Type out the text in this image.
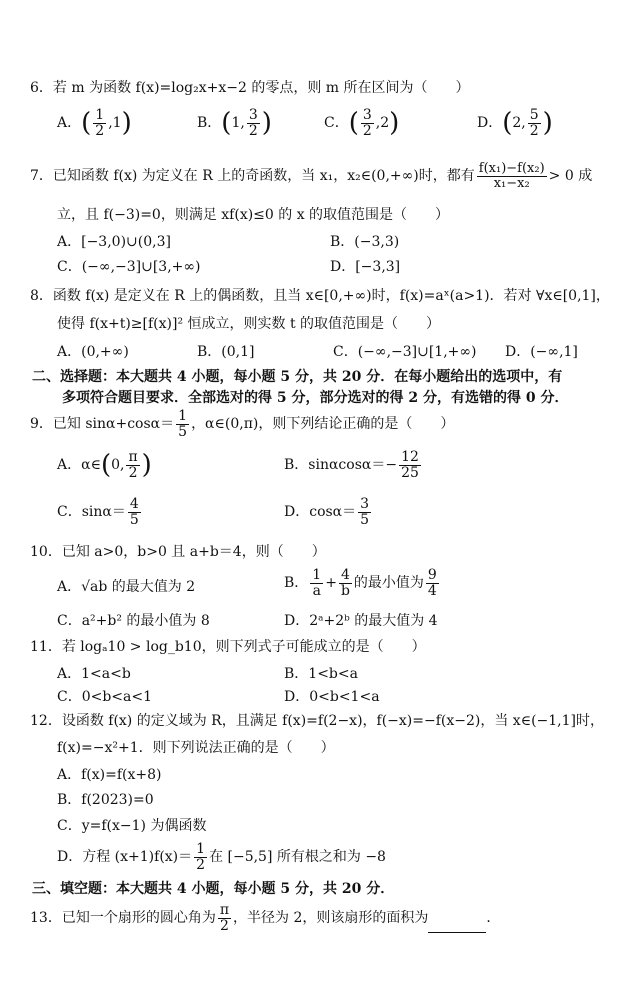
6．若 m 为函数 f(x)=log₂x+x−2 的零点，则 m 所在区间为（　　）
A．( $\frac{1}{2} ,1$)	B．(1, $\frac{3}{2}$ )	C．( $\frac{3}{2} ,2$)	D．(2, $\frac{5}{2}$ )
7．已知函数 f(x) 为定义在 R 上的奇函数，当 x₁，x₂∈(0,+∞)时，都有 $\frac{\text{f(x₁)−f(x₂)}}{\text{x₁−x₂}} > 0$ 成
立，且 f(−3)=0，则满足 xf(x)≤0 的 x 的取值范围是（　　）
A．[−3,0)∪(0,3]	B．(−3,3)
C．(−∞,−3]∪[3,+∞)	D．[−3,3]
8．函数 f(x) 是定义在 R 上的偶函数，且当 x∈[0,+∞)时，f(x)=aˣ(a>1)．若对 ∀x∈[0,1]，
使得 f(x+t)≥[f(x)]² 恒成立，则实数 t 的取值范围是（　　）
A．(0,+∞)	B．(0,1]	C．(−∞,−3]∪[1,+∞) D．(−∞,1]
二、选择题：本大题共 4 小题，每小题 5 分，共 20 分．在每小题给出的选项中，有
多项符合题目要求．全部选对的得 5 分，部分选对的得 2 分，有选错的得 0 分．
9．已知 $\sin\alpha+\cos\alpha= \frac{1}{5}$ ，α∈(0,π)，则下列结论正确的是（　　）
A．α∈(0, $\frac{\pi}{2}$ )	B．$\sin\alpha\cos\alpha=- \frac{12}{25}$
C．$\sin\alpha= \frac{4}{5}$	D．$\cos\alpha= \frac{3}{5}$
10．已知 a>0，b>0 且 a+b＝4，则（　　）
A．√ab 的最大值为 2	B． $\frac{1}{a} + \frac{4}{b}$ 的最小值为 $\frac{9}{4}$
C．a²+b² 的最小值为 8	D．2ᵃ+2ᵇ 的最大值为 4
11．若 logₐ10 > log_b10，则下列式子可能成立的是（　　）
A．1<a<b	B．1<b<a
C．0<b<a<1	D．0<b<1<a
12．设函数 f(x) 的定义域为 R，且满足 f(x)=f(2−x)，f(−x)=−f(x−2)，当 x∈(−1,1]时，
f(x)=−x²+1．则下列说法正确的是（　　）
A．f(x)=f(x+8)
B．f(2023)=0
C．y=f(x−1) 为偶函数
D．方程 $(x+1)f(x)= \frac{1}{2}$ 在 [−5,5] 所有根之和为 −8
三、填空题：本大题共 4 小题，每小题 5 分，共 20 分．
13．已知一个扇形的圆心角为 $\frac{\pi}{2}$ ，半径为 2，则该扇形的面积为	．
